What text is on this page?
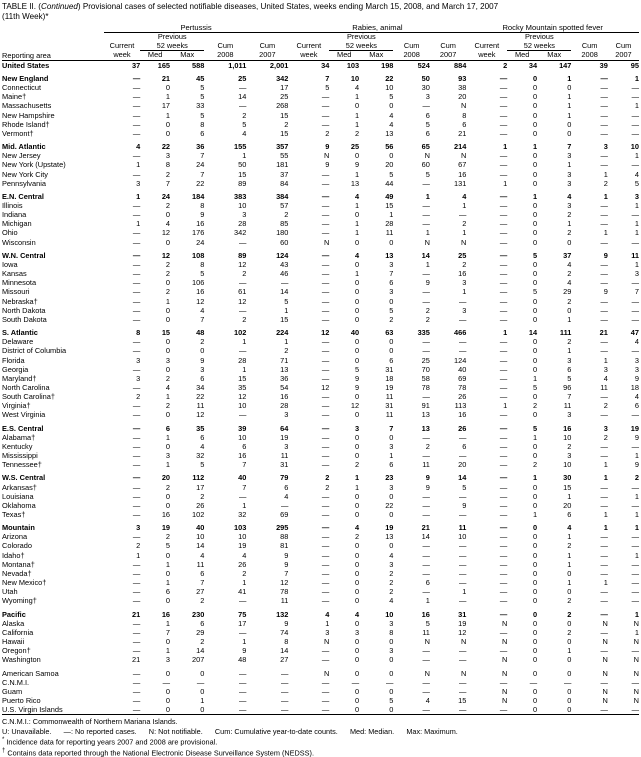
TABLE II. (Continued) Provisional cases of selected notifiable diseases, United States, weeks ending March 15, 2008, and March 17, 2007
(11th Week)*
	Pertussis					Rabies, animal					Rocky Mountain spotted fever				
		Previous					Previous					Previous			
	Current	52 weeks		Cum	Cum	Current	52 weeks		Cum	Cum	Current	52 weeks		Cum	Cum
Reporting area	week	Med	Max	2008	2007	week	Med	Max	2008	2007	week	Med	Max	2008	2007
United States	37	165	588	1,011	2,001	34	103	198	524	884	2	34	147	39	95

New England	—	21	45	25	342	7	10	22	50	93	—	0	1	—	1
Connecticut	—	0	5	—	17	5	4	10	30	38	—	0	0	—	—
Maine†	—	1	5	14	25	—	1	5	3	20	—	0	1	—	—
Massachusetts	—	17	33	—	268	—	0	0	—	N	—	0	1	—	1
New Hampshire	—	1	5	2	15	—	1	4	6	8	—	0	1	—	—
Rhode Island†	—	0	8	5	2	—	1	4	5	6	—	0	0	—	—
Vermont†	—	0	6	4	15	2	2	13	6	21	—	0	0	—	—

Mid. Atlantic	4	22	36	155	357	9	25	56	65	214	1	1	7	3	10
New Jersey	—	3	7	1	55	N	0	0	N	N	—	0	3	—	1
New York (Upstate)	1	8	24	50	181	9	9	20	60	67	—	0	1	—	—
New York City	—	2	7	15	37	—	1	5	5	16	—	0	3	1	4
Pennsylvania	3	7	22	89	84	—	13	44	—	131	1	0	3	2	5

E.N. Central	1	24	184	383	384	—	4	49	1	4	—	1	4	1	3
Illinois	—	2	8	10	57	—	1	15	—	1	—	0	3	—	1
Indiana	—	0	9	3	2	—	0	1	—	—	—	0	2	—	—
Michigan	1	4	16	28	85	—	1	28	—	2	—	0	1	—	1
Ohio	—	12	176	342	180	—	1	11	1	1	—	0	2	1	1
Wisconsin	—	0	24	—	60	N	0	0	N	N	—	0	0	—	—

W.N. Central	—	12	108	89	124	—	4	13	14	25	—	5	37	9	11
Iowa	—	2	8	12	43	—	0	3	1	2	—	0	4	—	1
Kansas	—	2	5	2	46	—	1	7	—	16	—	0	2	—	3
Minnesota	—	0	106	—	—	—	0	6	9	3	—	0	4	—	—
Missouri	—	2	16	61	14	—	0	3	—	1	—	5	29	9	7
Nebraska†	—	1	12	12	5	—	0	0	—	—	—	0	2	—	—
North Dakota	—	0	4	—	1	—	0	5	2	3	—	0	0	—	—
South Dakota	—	0	7	2	15	—	0	2	2	—	—	0	1	—	—

S. Atlantic	8	15	48	102	224	12	40	63	335	466	1	14	111	21	47
Delaware	—	0	2	1	1	—	0	0	—	—	—	0	2	—	4
District of Columbia	—	0	0	—	2	—	0	0	—	—	—	0	1	—	—
Florida	3	3	9	28	71	—	0	6	25	124	—	0	3	1	3
Georgia	—	0	3	1	13	—	5	31	70	40	—	0	6	3	3
Maryland†	3	2	6	15	36	—	9	18	58	69	—	1	5	4	9
North Carolina	—	4	34	35	54	12	9	19	78	78	—	5	96	11	18
South Carolina†	2	1	22	12	16	—	0	11	—	26	—	0	7	—	4
Virginia†	—	2	11	10	28	—	12	31	91	113	1	2	11	2	6
West Virginia	—	0	12	—	3	—	0	11	13	16	—	0	3	—	—

E.S. Central	—	6	35	39	64	—	3	7	13	26	—	5	16	3	19
Alabama†	—	1	6	10	19	—	0	0	—	—	—	1	10	2	9
Kentucky	—	0	4	6	3	—	0	3	2	6	—	0	2	—	—
Mississippi	—	3	32	16	11	—	0	1	—	—	—	0	3	—	1
Tennessee†	—	1	5	7	31	—	2	6	11	20	—	2	10	1	9

W.S. Central	—	20	112	40	79	2	1	23	9	14	—	1	30	1	2
Arkansas†	—	2	17	7	6	2	1	3	9	5	—	0	15	—	—
Louisiana	—	0	2	—	4	—	0	0	—	—	—	0	1	—	1
Oklahoma	—	0	26	1	—	—	0	22	—	9	—	0	20	—	—
Texas†	—	16	102	32	69	—	0	0	—	—	—	1	6	1	1

Mountain	3	19	40	103	295	—	4	19	21	11	—	0	4	1	1
Arizona	—	2	10	10	88	—	2	13	14	10	—	0	1	—	—
Colorado	2	5	14	19	81	—	0	0	—	—	—	0	2	—	—
Idaho†	1	0	4	4	9	—	0	4	—	—	—	0	1	—	1
Montana†	—	1	11	26	9	—	0	3	—	—	—	0	1	—	—
Nevada†	—	0	6	2	7	—	0	2	—	—	—	0	0	—	—
New Mexico†	—	1	7	1	12	—	0	2	6	—	—	0	1	1	—
Utah	—	6	27	41	78	—	0	2	—	1	—	0	0	—	—
Wyoming†	—	0	2	—	11	—	0	4	1	—	—	0	2	—	—

Pacific	21	16	230	75	132	4	4	10	16	31	—	0	2	—	1
Alaska	—	1	6	17	9	1	0	3	5	19	N	0	0	N	N
California	—	7	29	—	74	3	3	8	11	12	—	0	2	—	1
Hawaii	—	0	2	1	8	N	0	0	N	N	N	0	0	N	N
Oregon†	—	1	14	9	14	—	0	3	—	—	—	0	1	—	—
Washington	21	3	207	48	27	—	0	0	—	—	N	0	0	N	N

American Samoa	—	0	0	—	—	N	0	0	N	N	N	0	0	N	N
C.N.M.I.	—	—	—	—	—	—	—	—	—	—	—	—	—	—	—
Guam	—	0	0	—	—	—	0	0	—	—	N	0	0	N	N
Puerto Rico	—	0	1	—	—	—	0	5	4	15	N	0	0	N	N
U.S. Virgin Islands	—	0	0	—	—	—	0	0	—	—	—	0	0	—	—
C.N.M.I.: Commonwealth of Northern Mariana Islands.
U: Unavailable.      —: No reported cases.      N: Not notifiable.      Cum: Cumulative year-to-date counts.      Med: Median.      Max: Maximum.
* Incidence data for reporting years 2007 and 2008 are provisional.
† Contains data reported through the National Electronic Disease Surveillance System (NEDSS).
